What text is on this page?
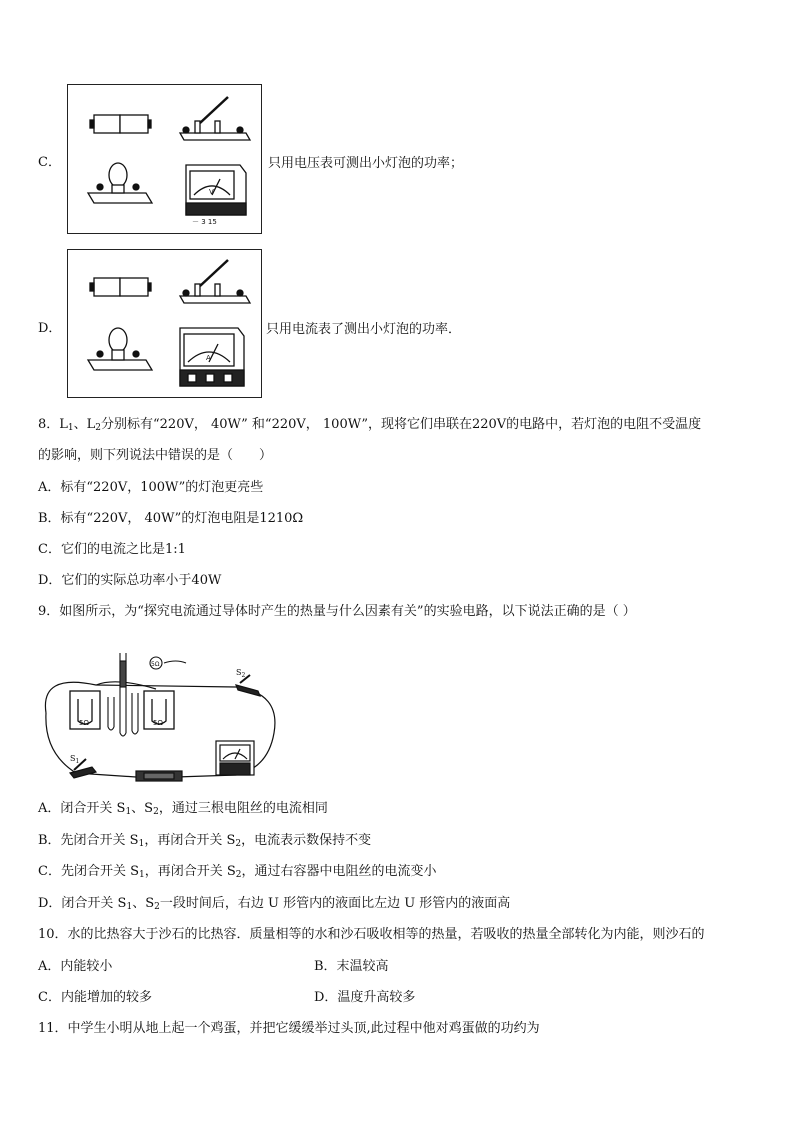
C．
V
－ 3 15
只用电压表可测出小灯泡的功率；
D．
A
只用电流表了测出小灯泡的功率．
8．$L_1$、$L_2$分别标有“220V， 40W” 和“220V， 100W”，现将它们串联在220V的电路中，若灯泡的电阻不受温度
的影响，则下列说法中错误的是（　　）
A．标有“220V，100W”的灯泡更亮些
B．标有“220V， 40W”的灯泡电阻是1210Ω
C．它们的电流之比是1:1
D．它们的实际总功率小于40W
9．如图所示，为“探究电流通过导体时产生的热量与什么因素有关”的实验电路，以下说法正确的是（ ）
5Ω	5Ω
5Ω
$S_2$
$S_1$
A．闭合开关 $S_1$、$S_2$，通过三根电阻丝的电流相同
B．先闭合开关 $S_1$，再闭合开关 $S_2$，电流表示数保持不变
C．先闭合开关 $S_1$，再闭合开关 $S_2$，通过右容器中电阻丝的电流变小
D．闭合开关 $S_1$、$S_2$一段时间后，右边 U 形管内的液面比左边 U 形管内的液面高
10．水的比热容大于沙石的比热容．质量相等的水和沙石吸收相等的热量，若吸收的热量全部转化为内能，则沙石的
A．内能较小	B．末温较高
C．内能增加的较多	D．温度升高较多
11．中学生小明从地上起一个鸡蛋，并把它缓缓举过头顶,此过程中他对鸡蛋做的功约为
